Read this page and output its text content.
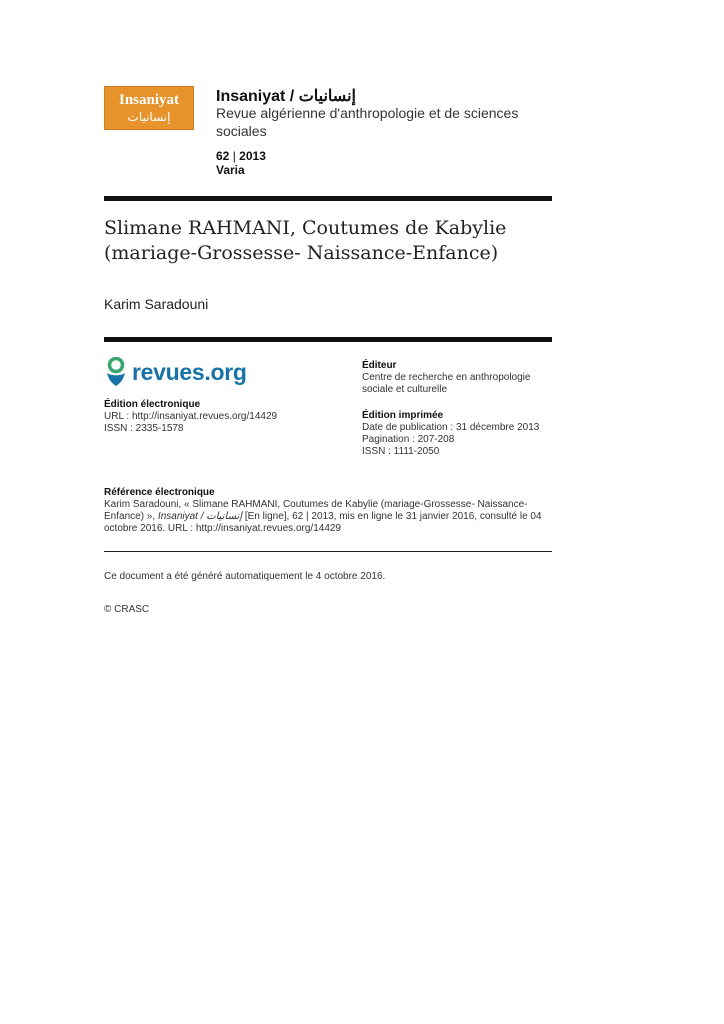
Insaniyat
إنسانيات
Insaniyat / إنسانيات
Revue algérienne d'anthropologie et de sciences sociales
62 | 2013
Varia
Slimane RAHMANI, Coutumes de Kabylie (mariage-Grossesse- Naissance-Enfance)
Karim Saradouni
revues.org
Édition électronique
URL : http://insaniyat.revues.org/14429
ISSN : 2335-1578
Éditeur
Centre de recherche en anthropologie sociale et culturelle
Édition imprimée
Date de publication : 31 décembre 2013
Pagination : 207-208
ISSN : 1111-2050
Référence électronique
Karim Saradouni, « Slimane RAHMANI, Coutumes de Kabylie (mariage-Grossesse- Naissance-Enfance) », Insaniyat / إنسانيات [En ligne], 62 | 2013, mis en ligne le 31 janvier 2016, consulté le 04 octobre 2016. URL : http://insaniyat.revues.org/14429
Ce document a été généré automatiquement le 4 octobre 2016.
© CRASC
